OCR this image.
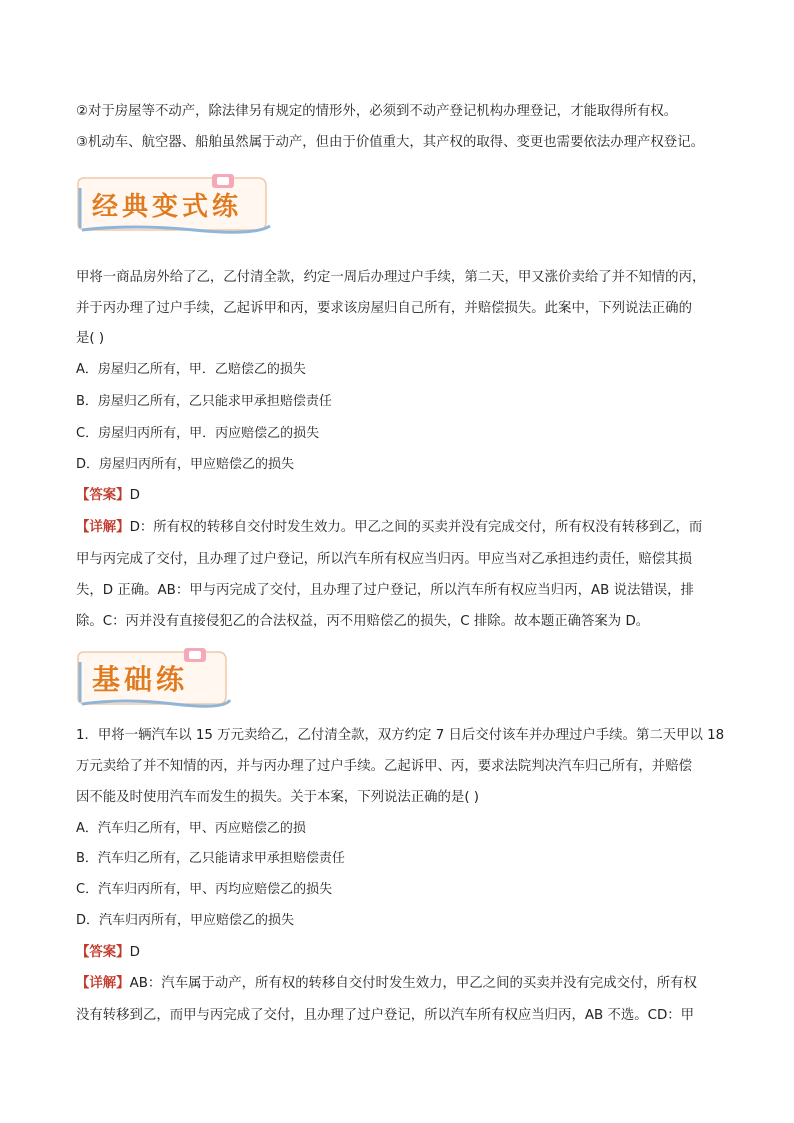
②对于房屋等不动产，除法律另有规定的情形外，必须到不动产登记机构办理登记，才能取得所有权。
③机动车、航空器、船舶虽然属于动产，但由于价值重大，其产权的取得、变更也需要依法办理产权登记。
经典变式练
甲将一商品房外给了乙，乙付清全款，约定一周后办理过户手续，第二天，甲又涨价卖给了并不知情的丙，
并于丙办理了过户手续，乙起诉甲和丙，要求该房屋归自己所有，并赔偿损失。此案中，下列说法正确的
是( )
A．房屋归乙所有，甲．乙赔偿乙的损失
B．房屋归乙所有，乙只能求甲承担赔偿责任
C．房屋归丙所有，甲．丙应赔偿乙的损失
D．房屋归丙所有，甲应赔偿乙的损失
【答案】D
【详解】D：所有权的转移自交付时发生效力。甲乙之间的买卖并没有完成交付，所有权没有转移到乙，而
甲与丙完成了交付，且办理了过户登记，所以汽车所有权应当归丙。甲应当对乙承担违约责任，赔偿其损
失，D 正确。AB：甲与丙完成了交付，且办理了过户登记，所以汽车所有权应当归丙，AB 说法错误，排
除。C：丙并没有直接侵犯乙的合法权益，丙不用赔偿乙的损失，C 排除。故本题正确答案为 D。
基础练
1．甲将一辆汽车以 15 万元卖给乙，乙付清全款，双方约定 7 日后交付该车并办理过户手续。第二天甲以 18
万元卖给了并不知情的丙，并与丙办理了过户手续。乙起诉甲、丙，要求法院判决汽车归己所有，并赔偿
因不能及时使用汽车而发生的损失。关于本案，下列说法正确的是( )
A．汽车归乙所有，甲、丙应赔偿乙的损
B．汽车归乙所有，乙只能请求甲承担赔偿责任
C．汽车归丙所有，甲、丙均应赔偿乙的损失
D．汽车归丙所有，甲应赔偿乙的损失
【答案】D
【详解】AB：汽车属于动产，所有权的转移自交付时发生效力，甲乙之间的买卖并没有完成交付，所有权
没有转移到乙，而甲与丙完成了交付，且办理了过户登记，所以汽车所有权应当归丙，AB 不选。CD：甲
